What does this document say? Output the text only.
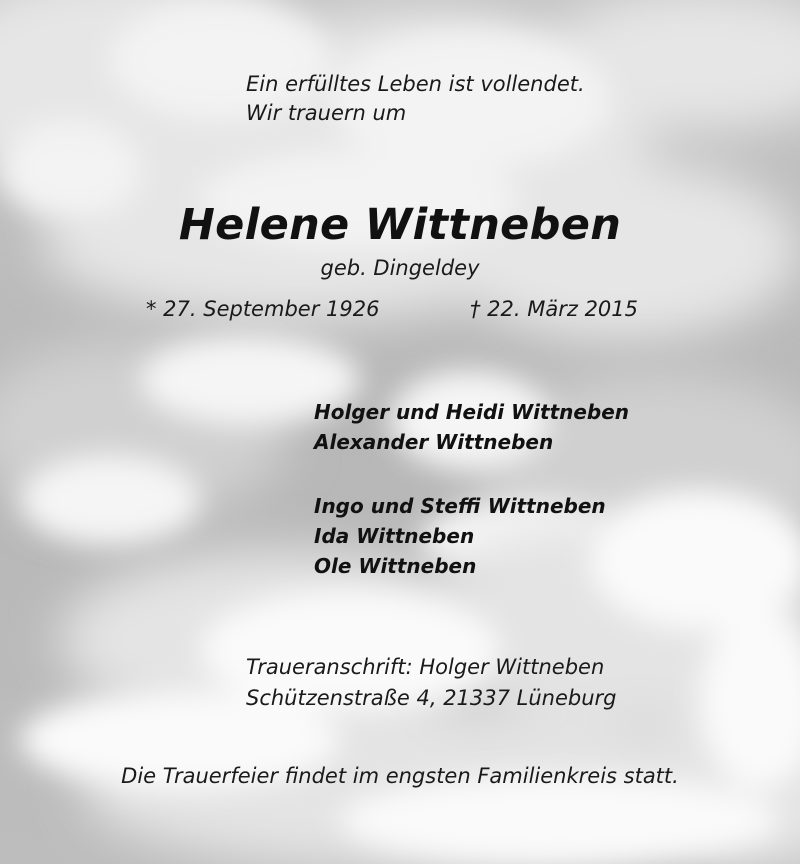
Ein erfülltes Leben ist vollendet.
Wir trauern um
Helene Wittneben
geb. Dingeldey
* 27. September 1926	† 22. März 2015
Holger und Heidi Wittneben
Alexander Wittneben
Ingo und Steffi Wittneben
Ida Wittneben
Ole Wittneben
Traueranschrift: Holger Wittneben
Schützenstraße 4, 21337 Lüneburg
Die Trauerfeier findet im engsten Familienkreis statt.
